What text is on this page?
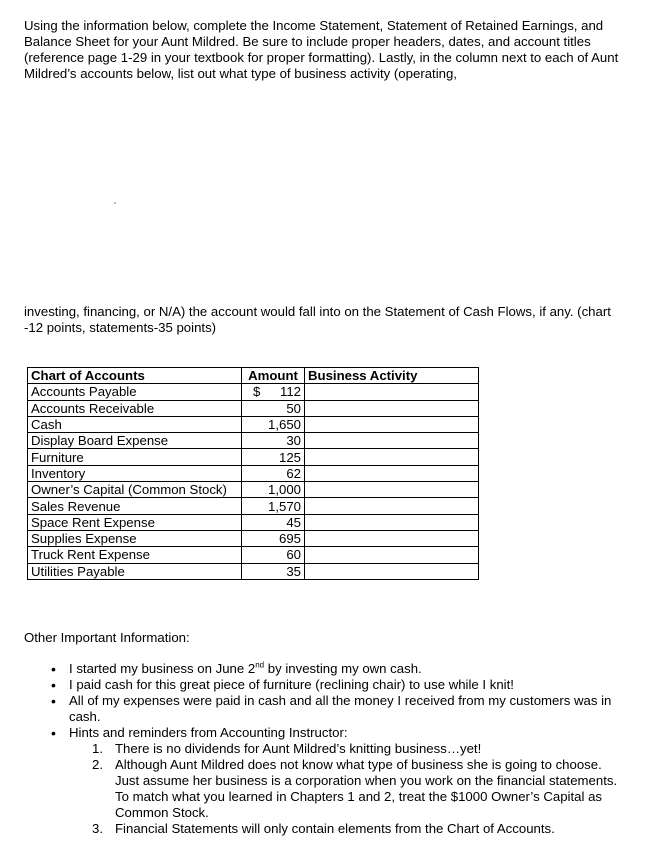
Using the information below, complete the Income Statement, Statement of Retained Earnings, and Balance Sheet for your Aunt Mildred. Be sure to include proper headers, dates, and account titles (reference page 1-29 in your textbook for proper formatting). Lastly, in the column next to each of Aunt Mildred’s accounts below, list out what type of business activity (operating,

investing, financing, or N/A) the account would fall into on the Statement of Cash Flows, if any. (chart -12 points, statements-35 points)

Chart of Accounts	Amount	Business Activity
Accounts Payable	$ 112	

Accounts Receivable	50	
Cash	1,650	
Display Board Expense	30	
Furniture	125	
Inventory	62	
Owner’s Capital (Common Stock)	1,000	
Sales Revenue	1,570	
Space Rent Expense	45	
Supplies Expense	695	
Truck Rent Expense	60	
Utilities Payable	35	
Other Important Information:
• I started my business on June 2nd by investing my own cash.
• I paid cash for this great piece of furniture (reclining chair) to use while I knit!
• All of my expenses were paid in cash and all the money I received from my customers was in cash.
• Hints and reminders from Accounting Instructor:
1. There is no dividends for Aunt Mildred’s knitting business…yet!
2. Although Aunt Mildred does not know what type of business she is going to choose. Just assume her business is a corporation when you work on the financial statements. To match what you learned in Chapters 1 and 2, treat the $1000 Owner’s Capital as Common Stock.
3. Financial Statements will only contain elements from the Chart of Accounts.
